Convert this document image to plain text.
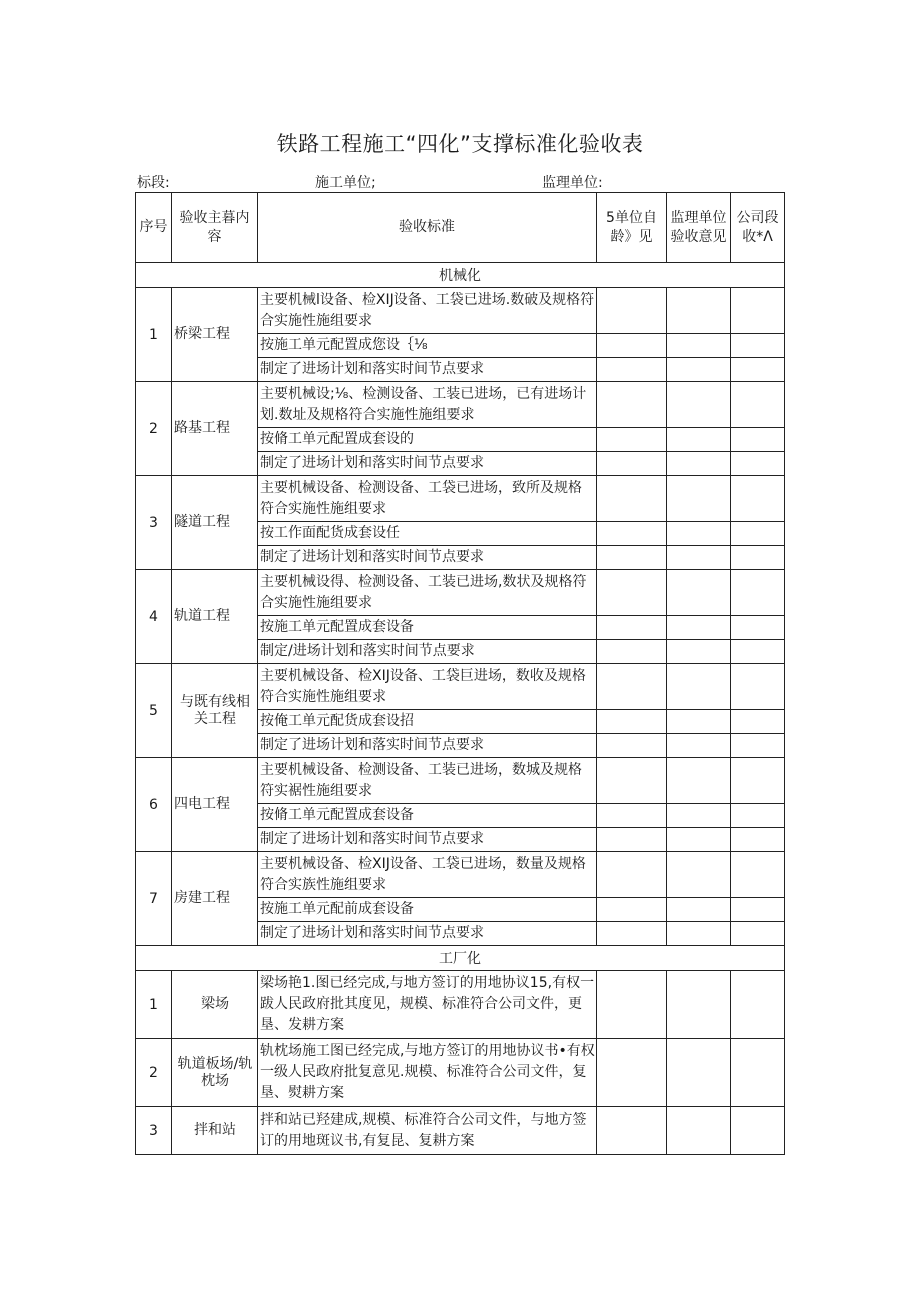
铁路工程施工“四化”支撑标准化验收表
标段:	施工单位;	监理单位:
序号	验收主暮内容	验收标准	5单位自龄》见	监理单位验收意见	公司段收*Λ
机械化					
1	桥梁工程	主要机械l设备、检XIJ设备、工袋已进场.数破及规格符合实施性施组要求			
		按施工单元配置成您设｛⅛			
		制定了进场计划和落实时间节点要求			
2	路基工程	主要机械设;⅛、检测设备、工装已进场，已有进场计划.数址及规格符合实施性施组要求			
		按脩工单元配置成套设的			
		制定了进场计划和落实时间节点要求			
3	隧道工程	主要机械设备、检测设备、工袋已进场，致所及规格符合实施性施组要求			
		按工作面配货成套设任			
		制定了进场计划和落实时间节点要求			
4	轨道工程	主要机械设得、检测设备、工装已进场,数状及规格符合实施性施组要求			
		按施工单元配置成套设备			
		制定/进场计划和落实时间节点要求			
5	与既有线相关工程	主要机械设备、检XIJ设备、工袋巨进场，数收及规格符合实施性施组要求			
		按俺工单元配货成套设招			
		制定了进场计划和落实时间节点要求			
6	四电工程	主要机械设备、检测设备、工装已进场，数城及规格符实裾性施组要求			
		按脩工单元配置成套设备			
		制定了进场计划和落实时间节点要求			
7	房建工程	主要机械设备、检XIJ设备、工袋已进场，数量及规格符合实族性施组要求			
		按施工单元配前成套设备			
		制定了进场计划和落实时间节点要求			
工厂化					
1	梁场	梁场艳1.图已经完成,与地方签订的用地协议15,有权一跋人民政府批其度见，规模、标准符合公司文件，更垦、发耕方案			
2	轨道板场/轨枕场	轨枕场施工图已经完成,与地方签订的用地协议书•有权一级人民政府批复意见.规模、标准符合公司文件，复垦、熨耕方案			
3	拌和站	拌和站已羟建成,规模、标准符合公司文件，与地方签订的用地斑议书,有复昆、复耕方案			
